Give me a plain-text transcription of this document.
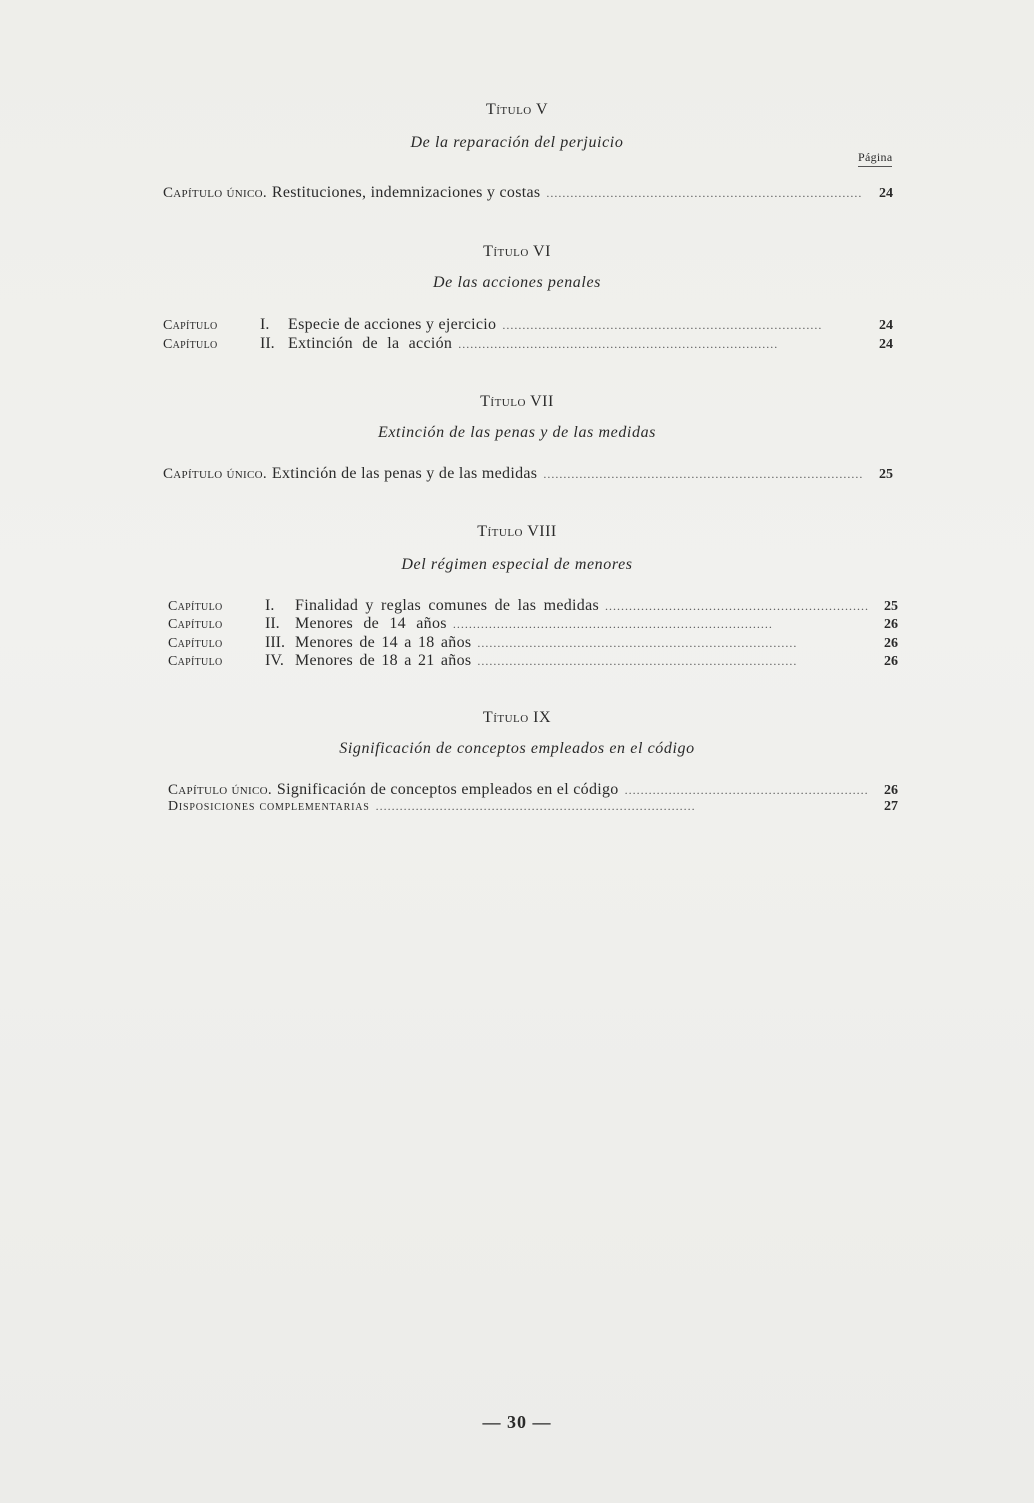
Título V
De la reparación del perjuicio
Página
Capítulo único. Restituciones, indemnizaciones y costas . . .	24
Título VI
De las acciones penales
Capítulo	I.	Especie de acciones y ejercicio . . .	24
Capítulo	II. Extinción de la acción . . .	24
Título VII
Extinción de las penas y de las medidas
Capítulo único. Extinción de las penas y de las medidas . . .	25
Título VIII
Del régimen especial de menores
Capítulo	I.	Finalidad y reglas comunes de las medidas . . .	25
Capítulo	II. Menores de 14 años . . .	26
Capítulo	III. Menores de 14 a 18 años . . .	26
Capítulo	IV. Menores de 18 a 21 años . . .	26
Título IX
Significación de conceptos empleados en el código
Capítulo único. Significación de conceptos empleados en el código . . .	26
Disposiciones complementarias . . .	27
— 30 —
